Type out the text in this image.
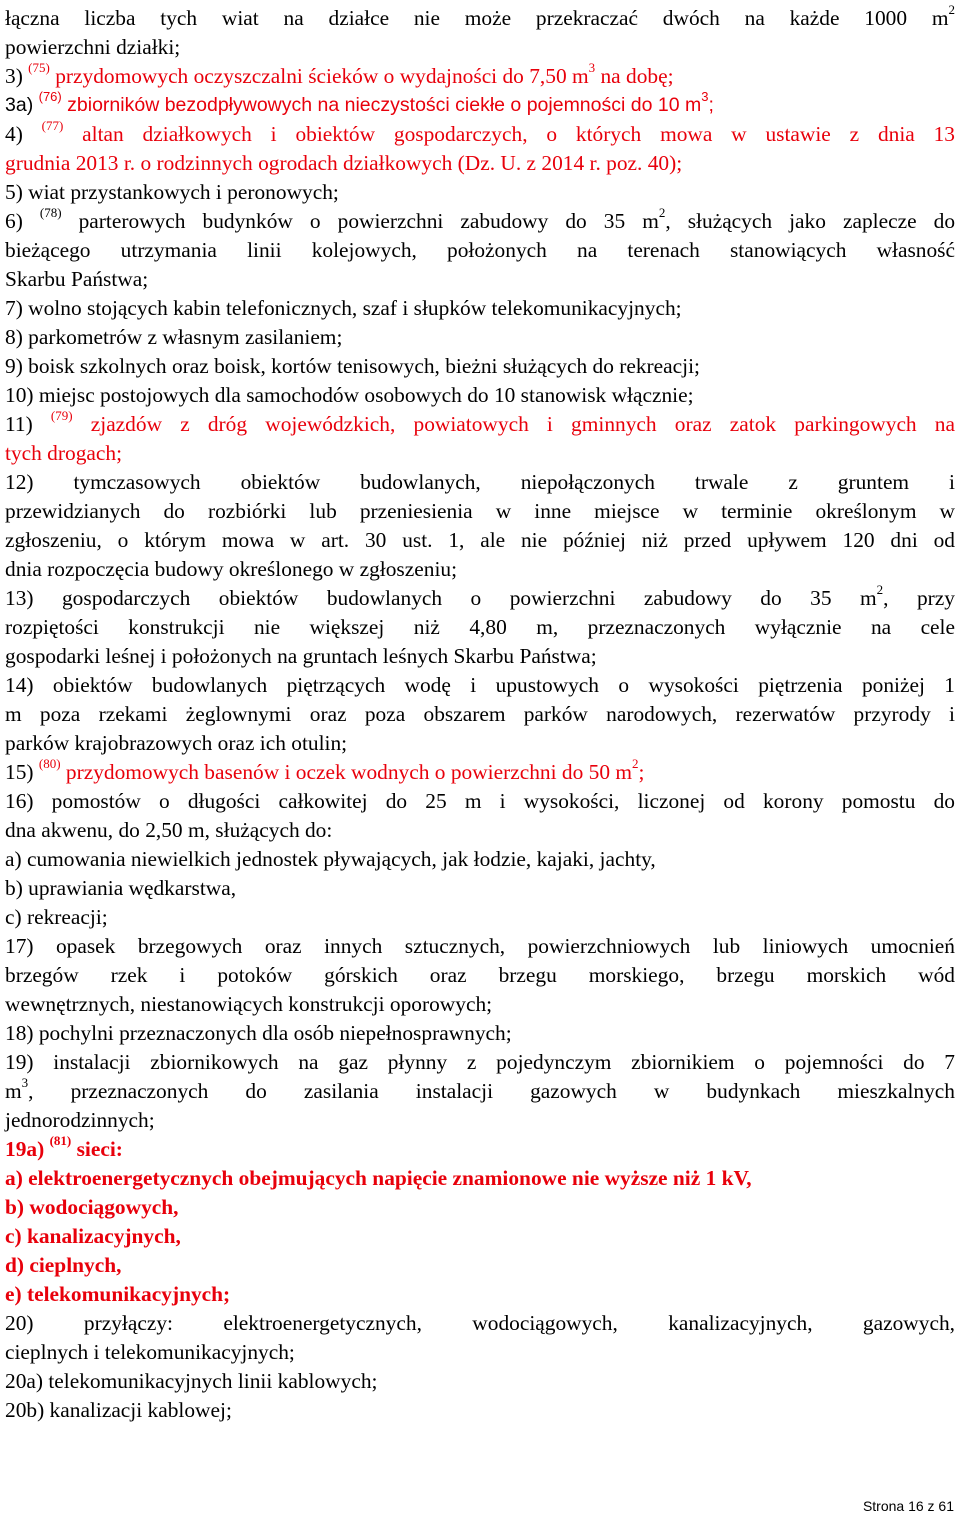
łączna liczba tych wiat na działce nie może przekraczać dwóch na każde 1000 $m^2$
powierzchni działki;
3) $^{(75)}$ przydomowych oczyszczalni ścieków o wydajności do 7,50 $m^3$ na dobę;
3a) $^{(76)}$ zbiorników bezodpływowych na nieczystości ciekłe o pojemności do 10 $m^3$;
4) $^{(77)}$ altan działkowych i obiektów gospodarczych, o których mowa w ustawie z dnia 13
grudnia 2013 r. o rodzinnych ogrodach działkowych (Dz. U. z 2014 r. poz. 40);
5) wiat przystankowych i peronowych;
6) $^{(78)}$ parterowych budynków o powierzchni zabudowy do 35 $m^2$, służących jako zaplecze do
bieżącego utrzymania linii kolejowych, położonych na terenach stanowiących własność
Skarbu Państwa;
7) wolno stojących kabin telefonicznych, szaf i słupków telekomunikacyjnych;
8) parkometrów z własnym zasilaniem;
9) boisk szkolnych oraz boisk, kortów tenisowych, bieżni służących do rekreacji;
10) miejsc postojowych dla samochodów osobowych do 10 stanowisk włącznie;
11) $^{(79)}$ zjazdów z dróg wojewódzkich, powiatowych i gminnych oraz zatok parkingowych na
tych drogach;
12) tymczasowych obiektów budowlanych, niepołączonych trwale z gruntem i
przewidzianych do rozbiórki lub przeniesienia w inne miejsce w terminie określonym w
zgłoszeniu, o którym mowa w art. 30 ust. 1, ale nie później niż przed upływem 120 dni od
dnia rozpoczęcia budowy określonego w zgłoszeniu;
13) gospodarczych obiektów budowlanych o powierzchni zabudowy do 35 $m^2$, przy
rozpiętości konstrukcji nie większej niż 4,80 m, przeznaczonych wyłącznie na cele
gospodarki leśnej i położonych na gruntach leśnych Skarbu Państwa;
14) obiektów budowlanych piętrzących wodę i upustowych o wysokości piętrzenia poniżej 1
m poza rzekami żeglownymi oraz poza obszarem parków narodowych, rezerwatów przyrody i
parków krajobrazowych oraz ich otulin;
15) $^{(80)}$ przydomowych basenów i oczek wodnych o powierzchni do 50 $m^2$;
16) pomostów o długości całkowitej do 25 m i wysokości, liczonej od korony pomostu do
dna akwenu, do 2,50 m, służących do:
a) cumowania niewielkich jednostek pływających, jak łodzie, kajaki, jachty,
b) uprawiania wędkarstwa,
c) rekreacji;
17) opasek brzegowych oraz innych sztucznych, powierzchniowych lub liniowych umocnień
brzegów rzek i potoków górskich oraz brzegu morskiego, brzegu morskich wód
wewnętrznych, niestanowiących konstrukcji oporowych;
18) pochylni przeznaczonych dla osób niepełnosprawnych;
19) instalacji zbiornikowych na gaz płynny z pojedynczym zbiornikiem o pojemności do 7
$m^3$, przeznaczonych do zasilania instalacji gazowych w budynkach mieszkalnych
jednorodzinnych;
19a) $^{(81)}$ sieci:
a) elektroenergetycznych obejmujących napięcie znamionowe nie wyższe niż 1 kV,
b) wodociągowych,
c) kanalizacyjnych,
d) cieplnych,
e) telekomunikacyjnych;
20) przyłączy: elektroenergetycznych, wodociągowych, kanalizacyjnych, gazowych,
cieplnych i telekomunikacyjnych;
20a) telekomunikacyjnych linii kablowych;
20b) kanalizacji kablowej;
Strona 16 z 61
